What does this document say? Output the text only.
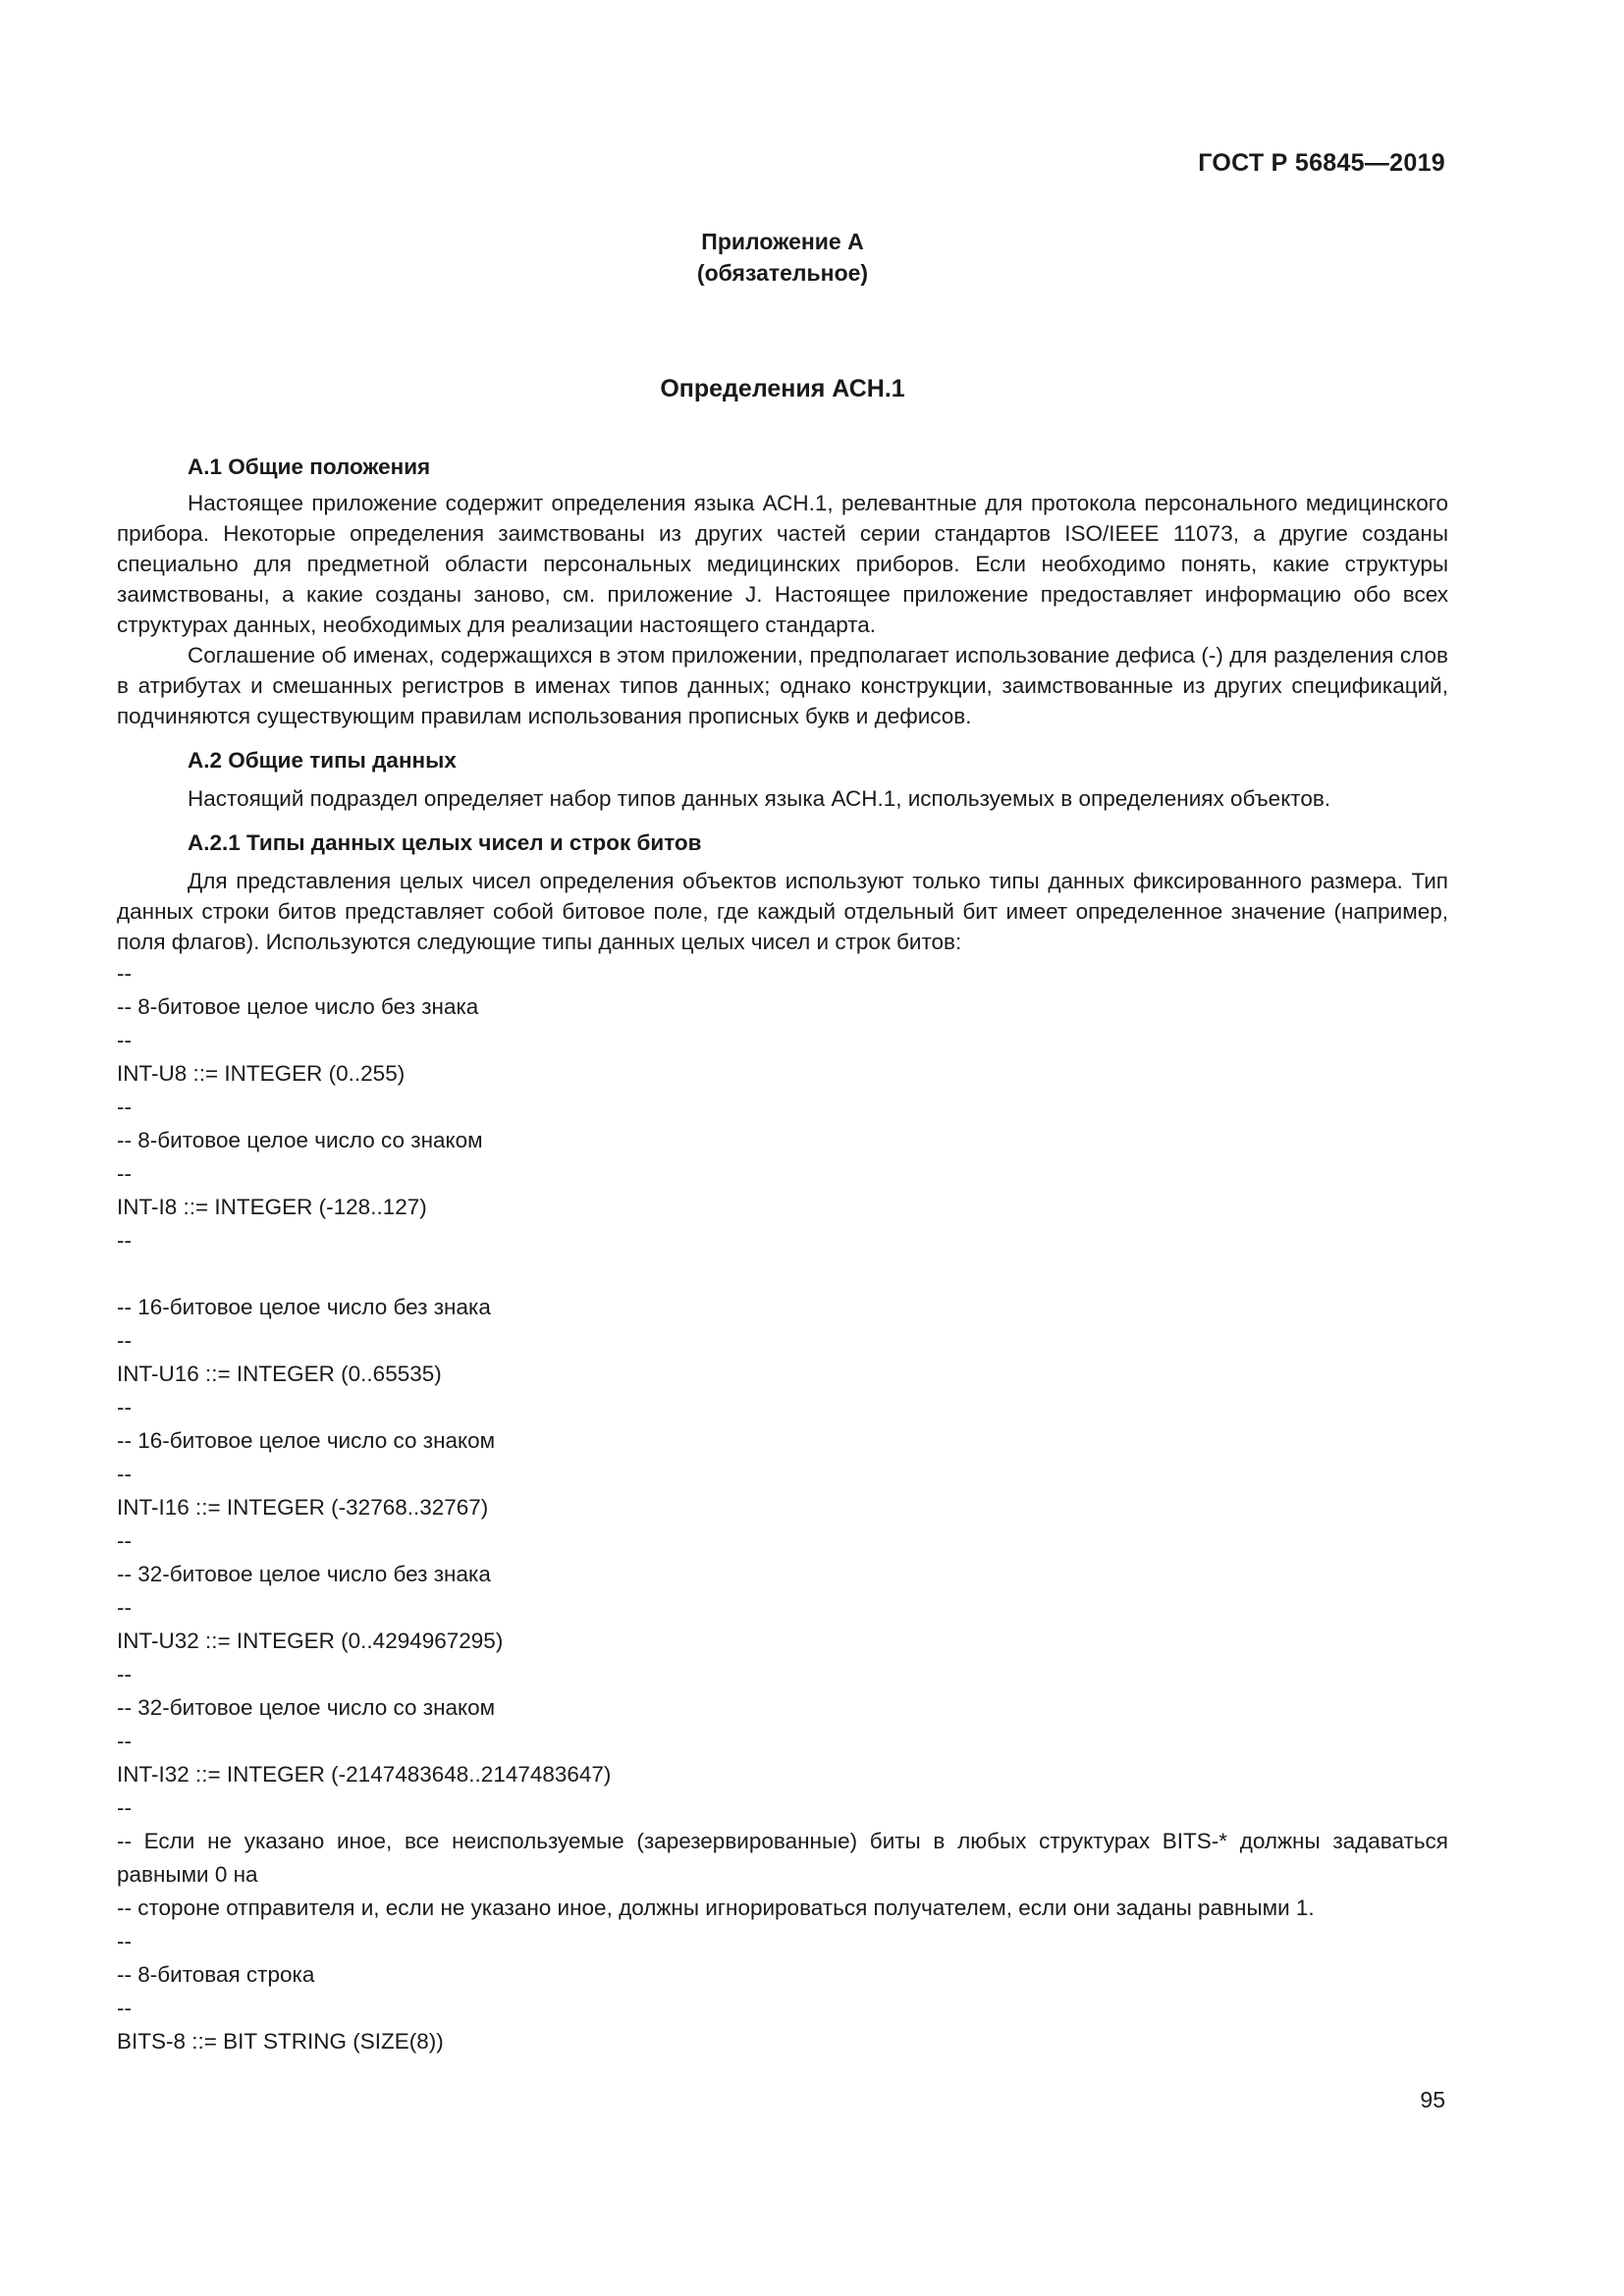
ГОСТ Р 56845—2019
Приложение А
(обязательное)
Определения АСН.1

А.1 Общие положения

Настоящее приложение содержит определения языка АСН.1, релевантные для протокола персонального медицинского прибора. Некоторые определения заимствованы из других частей серии стандартов ISO/IEEE 11073, а другие созданы специально для предметной области персональных медицинских приборов. Если необходимо понять, какие структуры заимствованы, а какие созданы заново, см. приложение J. Настоящее приложение предоставляет информацию обо всех структурах данных, необходимых для реализации настоящего стандарта.

Соглашение об именах, содержащихся в этом приложении, предполагает использование дефиса (-) для разделения слов в атрибутах и смешанных регистров в именах типов данных; однако конструкции, заимствованные из других спецификаций, подчиняются существующим правилам использования прописных букв и дефисов.

А.2 Общие типы данных

Настоящий подраздел определяет набор типов данных языка АСН.1, используемых в определениях объектов.

А.2.1 Типы данных целых чисел и строк битов

Для представления целых чисел определения объектов используют только типы данных фиксированного размера. Тип данных строки битов представляет собой битовое поле, где каждый отдельный бит имеет определенное значение (например, поля флагов). Используются следующие типы данных целых чисел и строк битов:

--
-- 8-битовое целое число без знака
--
INT-U8 ::= INTEGER (0..255)
--
-- 8-битовое целое число со знаком
--
INT-I8 ::= INTEGER (-128..127)
--
-- 16-битовое целое число без знака
--
INT-U16 ::= INTEGER (0..65535)
--
-- 16-битовое целое число со знаком
--
INT-I16 ::= INTEGER (-32768..32767)
--
-- 32-битовое целое число без знака
--
INT-U32 ::= INTEGER (0..4294967295)
--
-- 32-битовое целое число со знаком
--
INT-I32 ::= INTEGER (-2147483648..2147483647)
--
-- Если не указано иное, все неиспользуемые (зарезервированные) биты в любых структурах BITS-* должны задаваться равными 0 на
-- стороне отправителя и, если не указано иное, должны игнорироваться получателем, если они заданы равными 1.
--
-- 8-битовая строка
--
BITS-8 ::= BIT STRING (SIZE(8))
95
